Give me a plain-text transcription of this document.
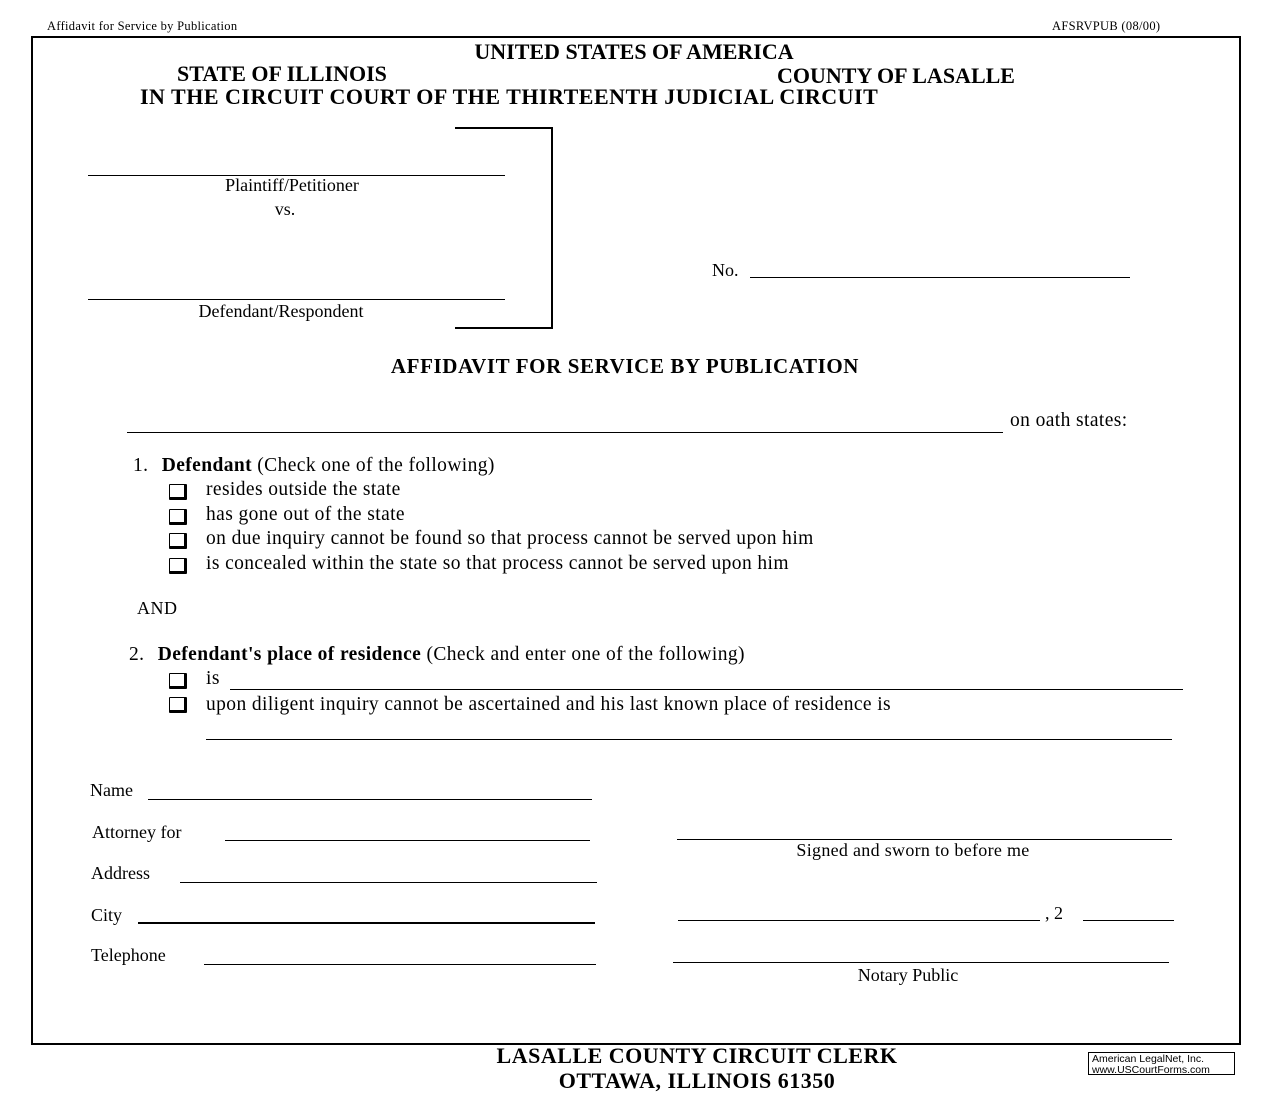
Affidavit for Service by Publication	AFSRVPUB (08/00)
UNITED STATES OF AMERICA
STATE OF ILLINOIS	COUNTY OF LASALLE
IN THE CIRCUIT COURT OF THE THIRTEENTH JUDICIAL CIRCUIT
Plaintiff/Petitioner
vs.
Defendant/Respondent
No.
AFFIDAVIT FOR SERVICE BY PUBLICATION
on oath states:
1. Defendant (Check one of the following)
resides outside the state
has gone out of the state
on due inquiry cannot be found so that process cannot be served upon him
is concealed within the state so that process cannot be served upon him
AND
2. Defendant's place of residence (Check and enter one of the following)
is
upon diligent inquiry cannot be ascertained and his last known place of residence is
Name
Attorney for
Address
City
Telephone
Signed and sworn to before me
, 2
Notary Public
LASALLE COUNTY CIRCUIT CLERK
OTTAWA, ILLINOIS 61350
American LegalNet, Inc.
www.USCourtForms.com
